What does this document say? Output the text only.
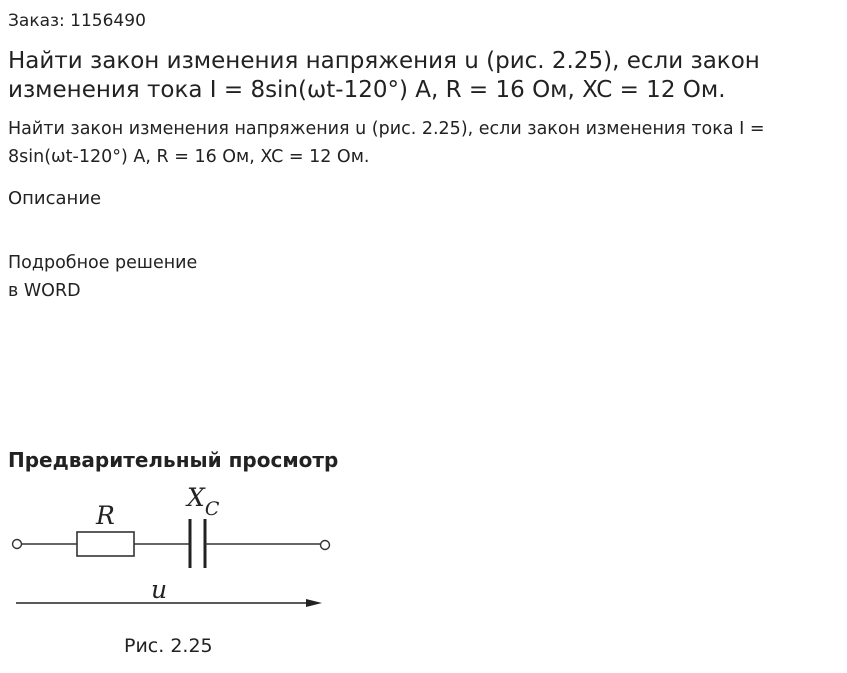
Заказ: 1156490
Найти закон изменения напряжения u (рис. 2.25), если закон изменения тока I = 8sin(ωt-120°) A, R = 16 Ом, XC = 12 Ом.
Найти закон изменения напряжения u (рис. 2.25), если закон изменения тока I = 8sin(ωt-120°) A, R = 16 Ом, XC = 12 Ом.
Описание
Подробное решение
в WORD
Предварительный просмотр
R
$X_C$
u
Рис. 2.25
